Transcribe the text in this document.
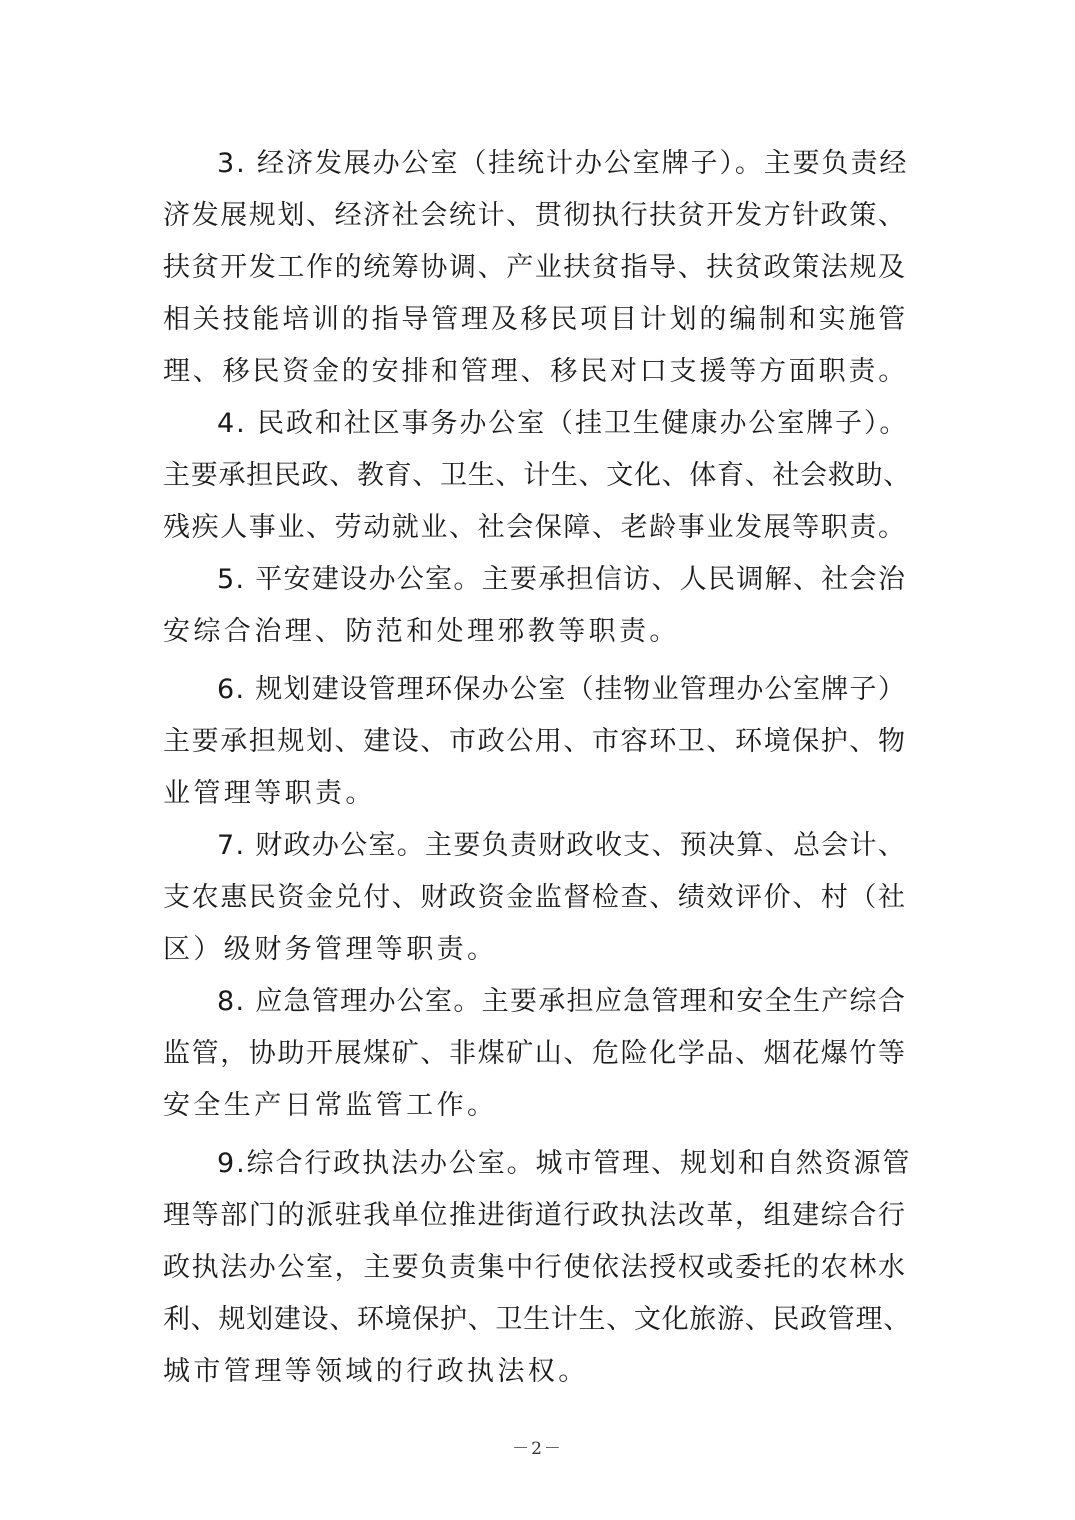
3. 经济发展办公室（挂统计办公室牌子）。主要负责经
济发展规划、经济社会统计、贯彻执行扶贫开发方针政策、
扶贫开发工作的统筹协调、产业扶贫指导、扶贫政策法规及
相关技能培训的指导管理及移民项目计划的编制和实施管
理、移民资金的安排和管理、移民对口支援等方面职责。
4. 民政和社区事务办公室（挂卫生健康办公室牌子）。
主要承担民政、教育、卫生、计生、文化、体育、社会救助、
残疾人事业、劳动就业、社会保障、老龄事业发展等职责。
5. 平安建设办公室。主要承担信访、人民调解、社会治
安综合治理、防范和处理邪教等职责。
6. 规划建设管理环保办公室（挂物业管理办公室牌子）
主要承担规划、建设、市政公用、市容环卫、环境保护、物
业管理等职责。
7. 财政办公室。主要负责财政收支、预决算、总会计、
支农惠民资金兑付、财政资金监督检查、绩效评价、村（社
区）级财务管理等职责。
8. 应急管理办公室。主要承担应急管理和安全生产综合
监管，协助开展煤矿、非煤矿山、危险化学品、烟花爆竹等
安全生产日常监管工作。
9.综合行政执法办公室。城市管理、规划和自然资源管
理等部门的派驻我单位推进街道行政执法改革，组建综合行
政执法办公室，主要负责集中行使依法授权或委托的农林水
利、规划建设、环境保护、卫生计生、文化旅游、民政管理、
城市管理等领域的行政执法权。
－2－
